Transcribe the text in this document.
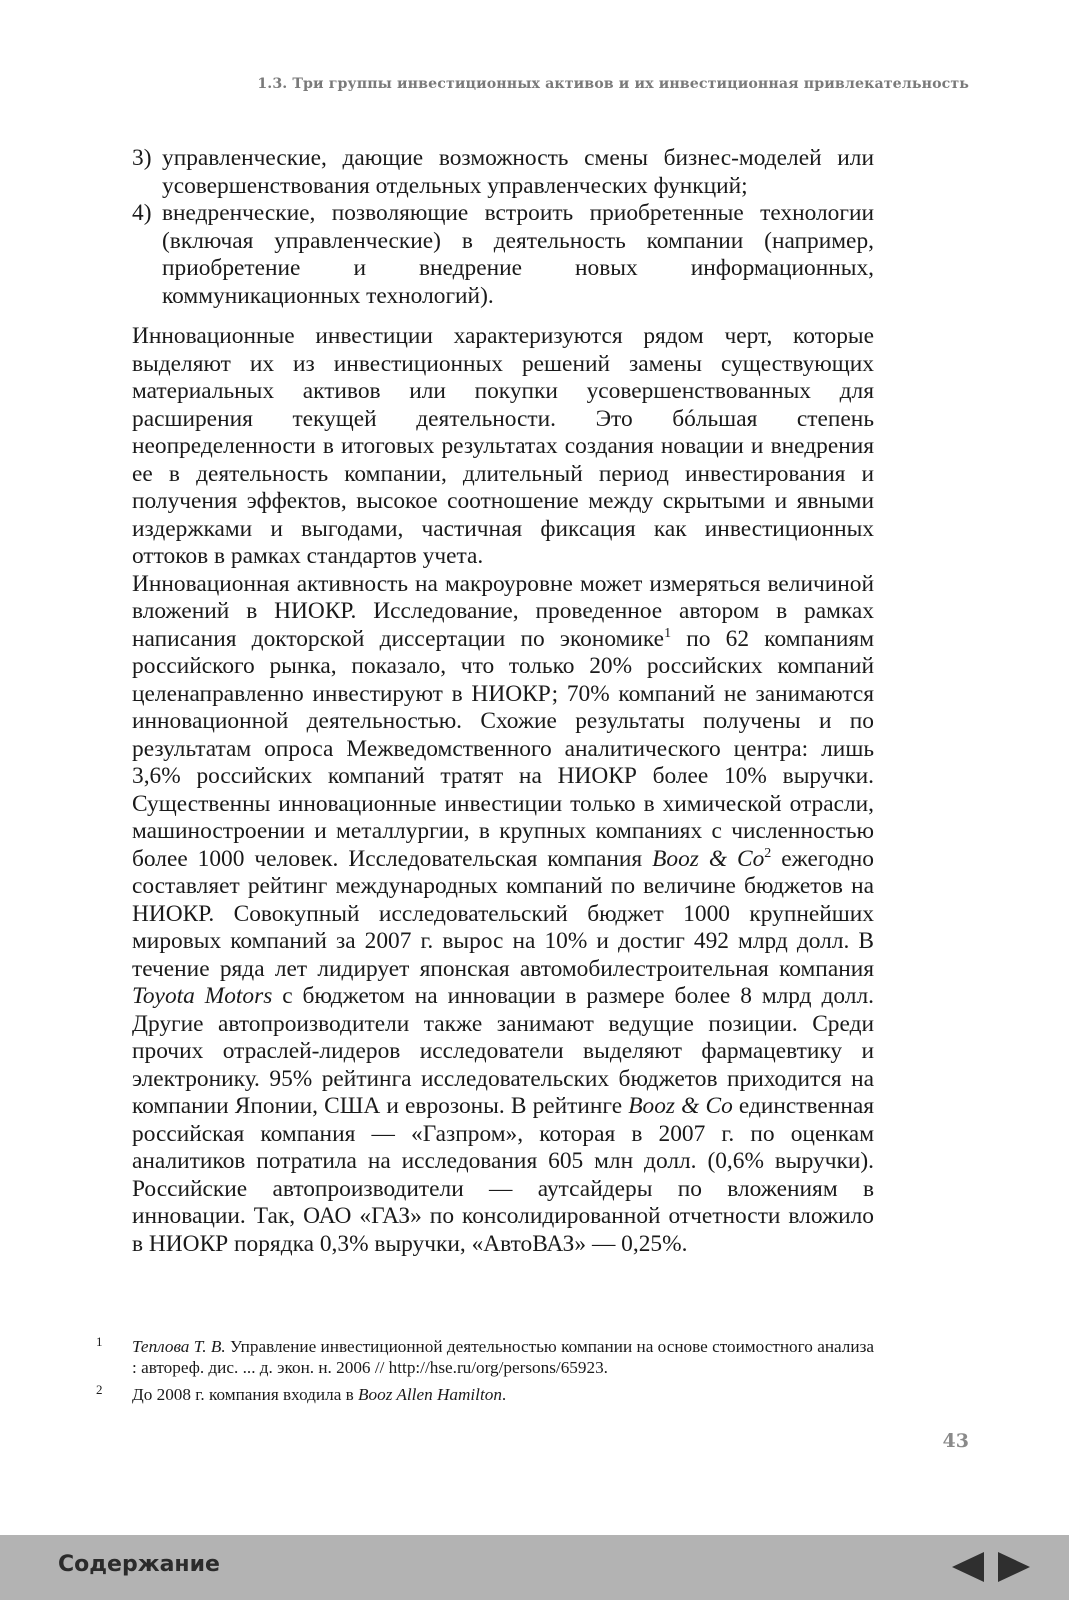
1.3. Три группы инвестиционных активов и их инвестиционная привлекательность
3) управленческие, дающие возможность смены бизнес-моделей или усовершенствования отдельных управленческих функций;

4) внедренческие, позволяющие встроить приобретенные технологии (включая управленческие) в деятельность компании (например, приобретение и внедрение новых информационных, коммуникационных технологий).

Инновационные инвестиции характеризуются рядом черт, которые выделяют их из инвестиционных решений замены существующих материальных активов или покупки усовершенствованных для расширения текущей деятельности. Это бóльшая степень неопределенности в итоговых результатах создания новации и внедрения ее в деятельность компании, длительный период инвестирования и получения эффектов, высокое соотношение между скрытыми и явными издержками и выгодами, частичная фиксация как инвестиционных оттоков в рамках стандартов учета.

Инновационная активность на макроуровне может измеряться величиной вложений в НИОКР. Исследование, проведенное автором в рамках написания докторской диссертации по экономике$^1$ по 62 компаниям российского рынка, показало, что только 20% российских компаний целенаправленно инвестируют в НИОКР; 70% компаний не занимаются инновационной деятельностью. Схожие результаты получены и по результатам опроса Межведомственного аналитического центра: лишь 3,6% российских компаний тратят на НИОКР более 10% выручки. Существенны инновационные инвестиции только в химической отрасли, машиностроении и металлургии, в крупных компаниях с численностью более 1000 человек. Исследовательская компания Booz & Co$^2$ ежегодно составляет рейтинг международных компаний по величине бюджетов на НИОКР. Совокупный исследовательский бюджет 1000 крупнейших мировых компаний за 2007 г. вырос на 10% и достиг 492 млрд долл. В течение ряда лет лидирует японская автомобилестроительная компания Toyota Motors с бюджетом на инновации в размере более 8 млрд долл. Другие автопроизводители также занимают ведущие позиции. Среди прочих отраслей-лидеров исследователи выделяют фармацевтику и электронику. 95% рейтинга исследовательских бюджетов приходится на компании Японии, США и еврозоны. В рейтинге Booz & Co единственная российская компания — «Газпром», которая в 2007 г. по оценкам аналитиков потратила на исследования 605 млн долл. (0,6% выручки). Российские автопроизводители — аутсайдеры по вложениям в инновации. Так, ОАО «ГАЗ» по консолидированной отчетности вложило в НИОКР порядка 0,3% выручки, «АвтоВАЗ» — 0,25%.

1 Теплова Т. В. Управление инвестиционной деятельностью компании на основе стоимостного анализа : автореф. дис. ... д. экон. н. 2006 // http://hse.ru/org/persons/65923.
2 До 2008 г. компания входила в Booz Allen Hamilton.
43
Содержание
